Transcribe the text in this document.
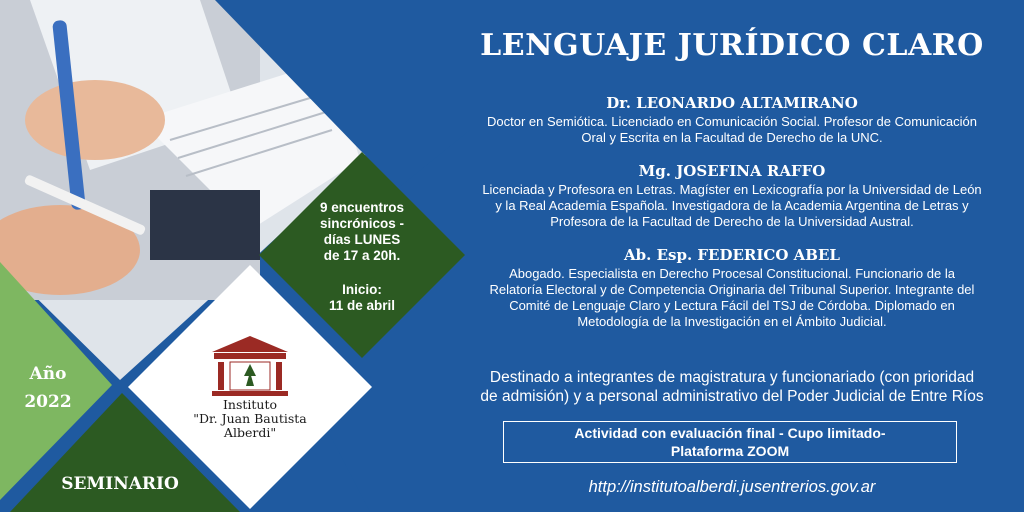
9 encuentros
sincrónicos -
días LUNES
de 17 a 20h.
Inicio:
11 de abril
Año
2022
SEMINARIO
Instituto
"Dr. Juan Bautista
Alberdi"
LENGUAJE JURÍDICO CLARO
Dr. LEONARDO ALTAMIRANO
Doctor en Semiótica. Licenciado en Comunicación Social. Profesor de Comunicación
Oral y Escrita en la Facultad de Derecho de la UNC.
Mg. JOSEFINA RAFFO
Licenciada y Profesora en Letras. Magíster en Lexicografía por la Universidad de León
y la Real Academia Española. Investigadora de la Academia Argentina de Letras y
Profesora de la Facultad de Derecho de la Universidad Austral.
Ab. Esp. FEDERICO ABEL
Abogado. Especialista en Derecho Procesal Constitucional. Funcionario de la
Relatoría Electoral y de Competencia Originaria del Tribunal Superior. Integrante del
Comité de Lenguaje Claro y Lectura Fácil del TSJ de Córdoba. Diplomado en
Metodología de la Investigación en el Ámbito Judicial.
Destinado a integrantes de magistratura y funcionariado (con prioridad
de admisión) y a personal administrativo del Poder Judicial de Entre Ríos
Actividad con evaluación final - Cupo limitado-
Plataforma ZOOM
http://institutoalberdi.jusentrerios.gov.ar
